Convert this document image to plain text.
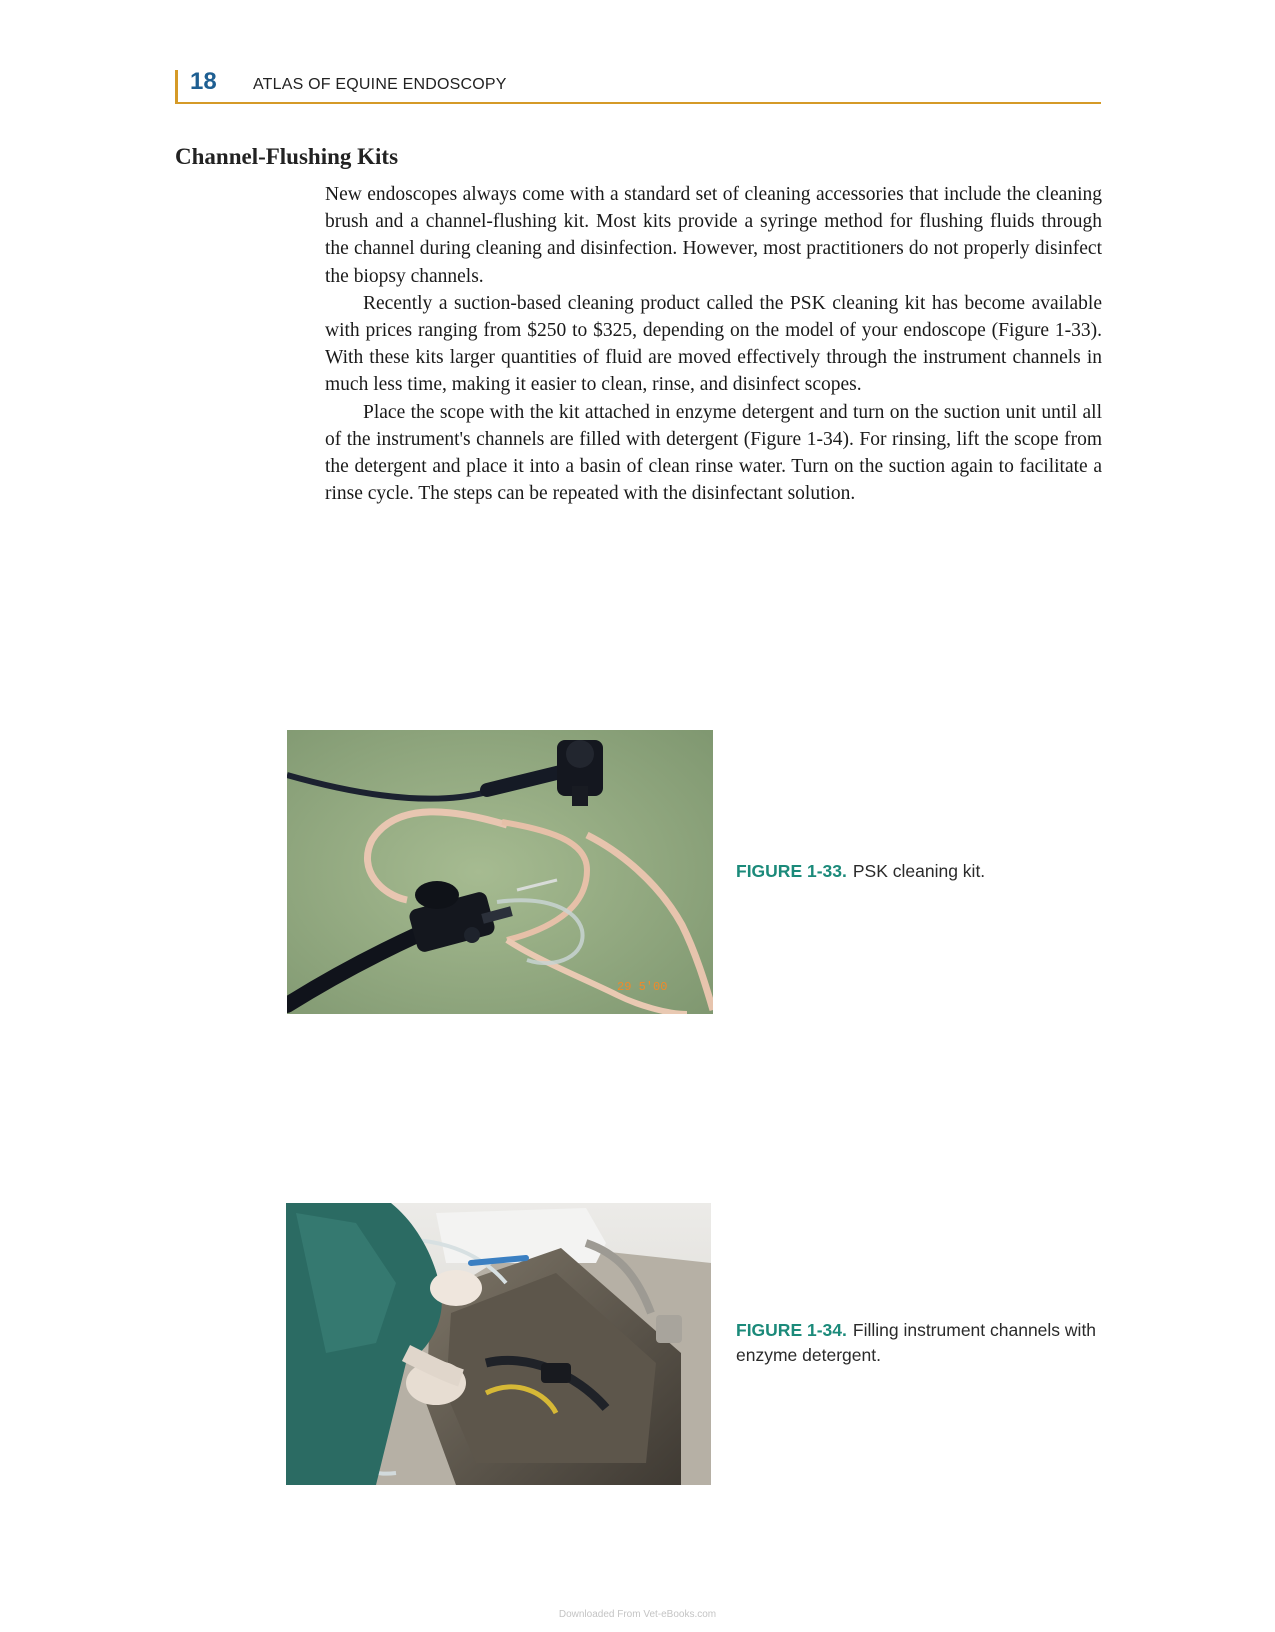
18 ATLAS OF EQUINE ENDOSCOPY
Channel-Flushing Kits

New endoscopes always come with a standard set of cleaning accessories that include the cleaning brush and a channel-flushing kit. Most kits provide a syringe method for flushing fluids through the channel during cleaning and disinfection. However, most practitioners do not properly disinfect the biopsy channels.

Recently a suction-based cleaning product called the PSK cleaning kit has become available with prices ranging from $250 to $325, depending on the model of your endoscope (Figure 1-33). With these kits larger quantities of fluid are moved effectively through the instrument channels in much less time, making it easier to clean, rinse, and disinfect scopes.

Place the scope with the kit attached in enzyme detergent and turn on the suction unit until all of the instrument's channels are filled with detergent (Figure 1-34). For rinsing, lift the scope from the detergent and place it into a basin of clean rinse water. Turn on the suction again to facilitate a rinse cycle. The steps can be repeated with the disinfectant solution.

29 5'00
FIGURE 1-33. PSK cleaning kit.
FIGURE 1-34. Filling instrument channels with enzyme detergent.
Downloaded From Vet-eBooks.com
